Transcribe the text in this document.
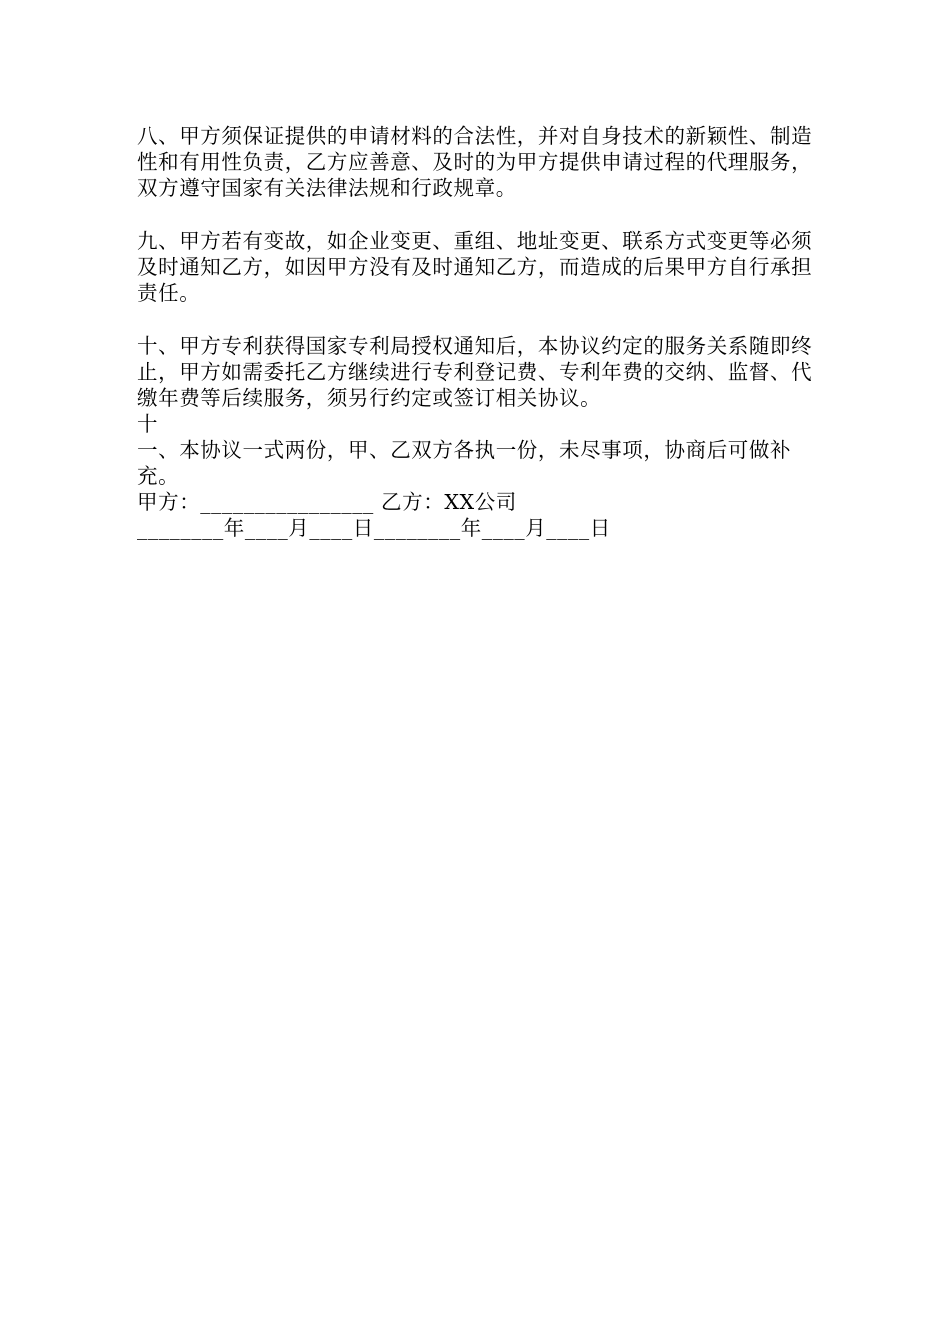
八、甲方须保证提供的申请材料的合法性，并对自身技术的新颖性、制造性和有用性负责，乙方应善意、及时的为甲方提供申请过程的代理服务，双方遵守国家有关法律法规和行政规章。

九、甲方若有变故，如企业变更、重组、地址变更、联系方式变更等必须及时通知乙方，如因甲方没有及时通知乙方，而造成的后果甲方自行承担责任。

十、甲方专利获得国家专利局授权通知后，本协议约定的服务关系随即终止，甲方如需委托乙方继续进行专利登记费、专利年费的交纳、监督、代缴年费等后续服务，须另行约定或签订相关协议。

十

一、本协议一式两份，甲、乙双方各执一份，未尽事项，协商后可做补充。

甲方：________________ 乙方：XX公司

________年____月____日________年____月____日
